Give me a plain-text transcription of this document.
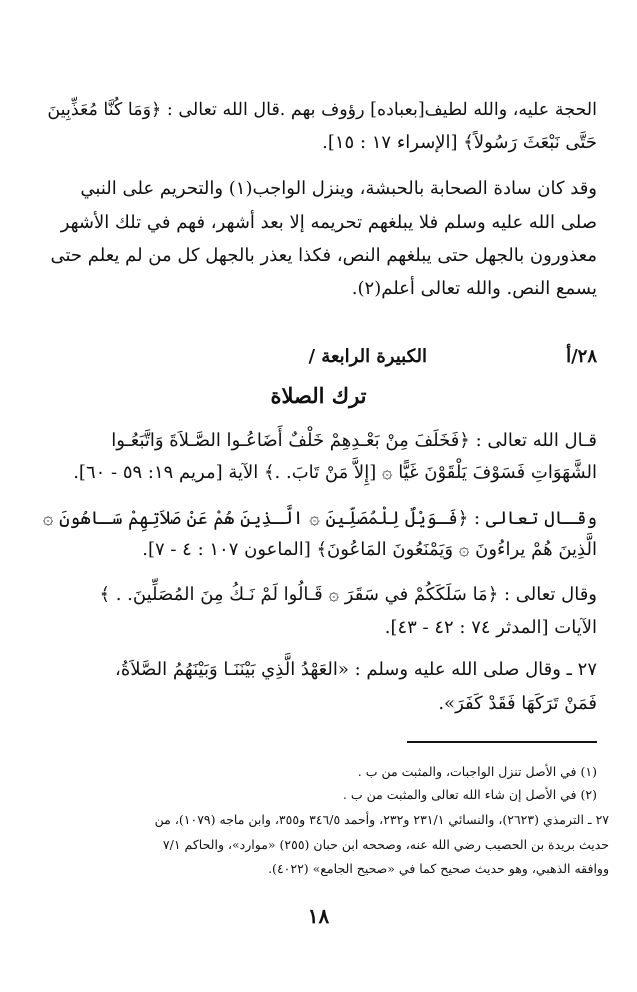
الحجة عليه، والله لطيف[بعباده] رؤوف بهم .قال الله تعالى : ﴿وَمَا كُنَّا مُعَذِّبِينَ
حَتَّى نَبْعَثَ رَسُولاً﴾ [الإسراء ١٧ : ١٥].
وقد كان سادة الصحابة بالحبشة، وينزل الواجب(١) والتحريم على النبي
صلى الله عليه وسلم فلا يبلغهم تحريمه إلا بعد أشهر، فهم في تلك الأشهر
معذورون بالجهل حتى يبلغهم النص، فكذا يعذر بالجهل كل من لم يعلم حتى
يسمع النص. والله تعالى أعلم(٢).
٢٨/أ
الكبيرة الرابعة /
ترك الصلاة
قـال الله تعالى : ﴿فَخَلَفَ مِنْ بَعْـدِهِمْ خَلْفٌ أَضَاعُـوا الصَّـلاَةَ وَاتَّبَعُـوا
الشَّهَوَاتِ فَسَوْفَ يَلْقَوْنَ غَيًّا ۞ [إِلاَّ مَنْ تَابَ. .﴾ الآية [مريم ١٩: ٥٩ - ٦٠].
وقـال تعالى : ﴿فَـوَيْلٌ لِلْمُصَلِّينَ ۞ الَّـذِينَ هُمْ عَنْ صَلاَتِهِمْ سَـاهُونَ ۞
الَّذِينَ هُمْ يراءُونَ ۞ وَيَمْنَعُونَ المَاعُونَ﴾ [الماعون ١٠٧ : ٤ - ٧].
وقال تعالى : ﴿مَا سَلَكَكُمْ في سَقَرَ ۞ قَـالُوا لَمْ نَـكُ مِنَ المُصَلِّينَ. . ﴾
الآيات [المدثر ٧٤ : ٤٢ - ٤٣].
٢٧ ـ وقال صلى الله عليه وسلم : «العَهْدُ الَّذِي بَيْنَنَـا وَبَيْنَهُمُ الصَّلاَةُ،
فَمَنْ تَرَكَهَا فَقَدْ كَفَرَ».
(١) في الأصل تنزل الواجبات، والمثبت من ب .
(٢) في الأصل إن شاء الله تعالى والمثبت من ب .
٢٧ ـ الترمذي (٢٦٢٣)، والنسائي ٢٣١/١ و٢٣٢، وأحمد ٣٤٦/٥ و٣٥٥، وابن ماجه (١٠٧٩)، من
حديث بريدة بن الحصيب رضي الله عنه، وصححه ابن حبان (٢٥٥) «موارد»، والحاكم ٧/١
ووافقه الذهبي، وهو حديث صحيح كما في «صحيح الجامع» (٤٠٢٢).
١٨
